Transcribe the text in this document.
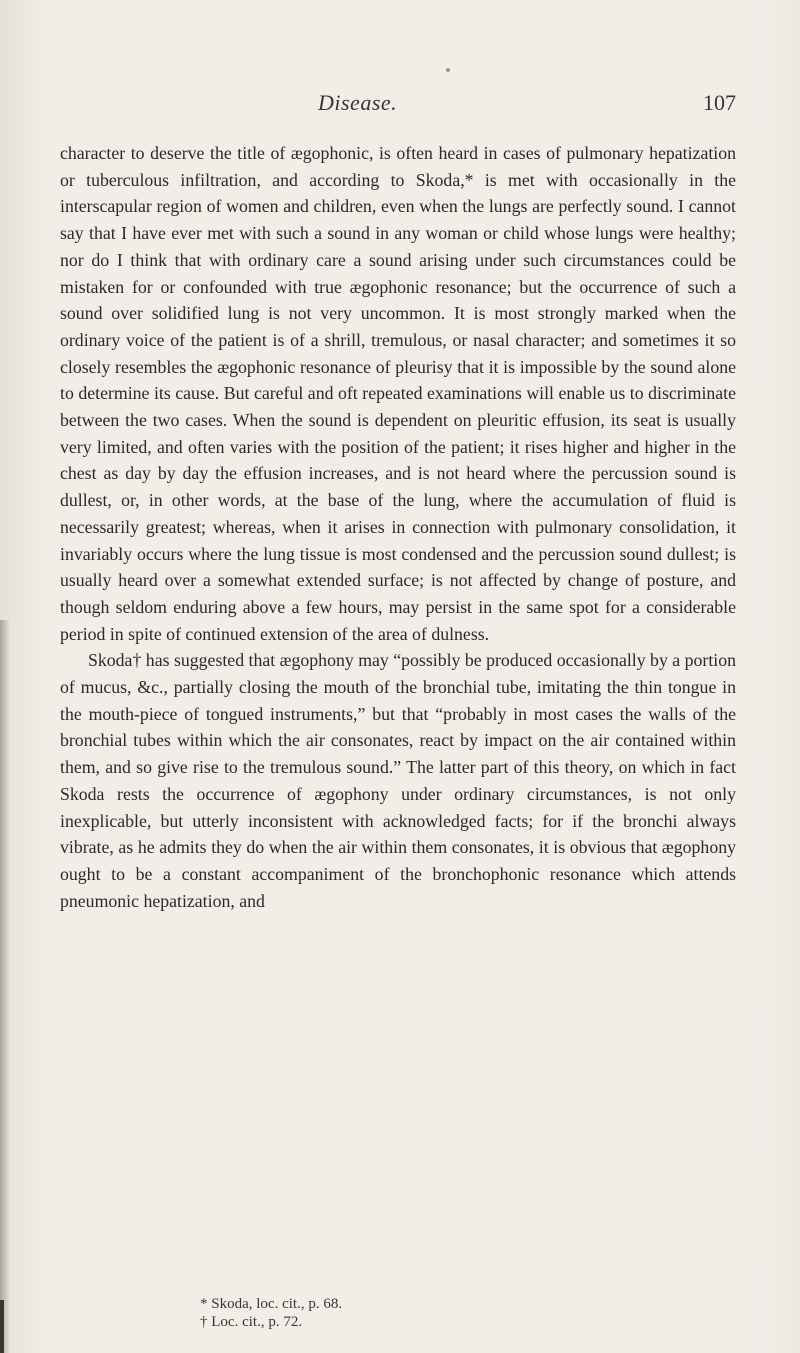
Disease.	107

character to deserve the title of ægophonic, is often heard in cases of pulmonary hepatization or tuberculous infiltration, and according to Skoda,* is met with occasionally in the interscapular region of women and children, even when the lungs are perfectly sound. I cannot say that I have ever met with such a sound in any woman or child whose lungs were healthy; nor do I think that with ordinary care a sound arising under such circumstances could be mistaken for or confounded with true ægophonic resonance; but the occurrence of such a sound over solidified lung is not very uncommon. It is most strongly marked when the ordinary voice of the patient is of a shrill, tremulous, or nasal character; and sometimes it so closely resembles the ægophonic resonance of pleurisy that it is impossible by the sound alone to determine its cause. But careful and oft repeated examinations will enable us to discriminate between the two cases. When the sound is dependent on pleuritic effusion, its seat is usually very limited, and often varies with the position of the patient; it rises higher and higher in the chest as day by day the effusion increases, and is not heard where the percussion sound is dullest, or, in other words, at the base of the lung, where the accumulation of fluid is necessarily greatest; whereas, when it arises in connection with pulmonary consolidation, it invariably occurs where the lung tissue is most condensed and the percussion sound dullest; is usually heard over a somewhat extended surface; is not affected by change of posture, and though seldom enduring above a few hours, may persist in the same spot for a considerable period in spite of continued extension of the area of dulness.

Skoda† has suggested that ægophony may “possibly be produced occasionally by a portion of mucus, &c., partially closing the mouth of the bronchial tube, imitating the thin tongue in the mouth-piece of tongued instruments,” but that “probably in most cases the walls of the bronchial tubes within which the air consonates, react by impact on the air contained within them, and so give rise to the tremulous sound.” The latter part of this theory, on which in fact Skoda rests the occurrence of ægophony under ordinary circumstances, is not only inexplicable, but utterly inconsistent with acknowledged facts; for if the bronchi always vibrate, as he admits they do when the air within them consonates, it is obvious that ægophony ought to be a constant accompaniment of the bronchophonic resonance which attends pneumonic hepatization, and

* Skoda, loc. cit., p. 68.

† Loc. cit., p. 72.
